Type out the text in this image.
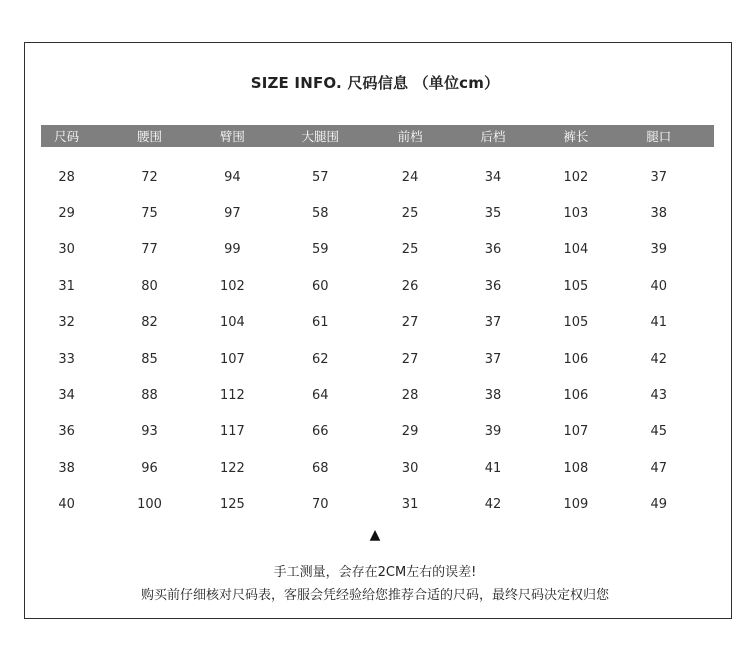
SIZE INFO. 尺码信息 （单位cm）
尺码	腰围	臂围	大腿围	前档	后档	裤长	腿口
28	72	94	57	24	34	102	37
29	75	97	58	25	35	103	38
30	77	99	59	25	36	104	39
31	80	102	60	26	36	105	40
32	82	104	61	27	37	105	41
33	85	107	62	27	37	106	42
34	88	112	64	28	38	106	43
36	93	117	66	29	39	107	45
38	96	122	68	30	41	108	47
40	100	125	70	31	42	109	49
▲
手工测量，会存在2CM左右的误差!
购买前仔细核对尺码表，客服会凭经验给您推荐合适的尺码，最终尺码决定权归您
